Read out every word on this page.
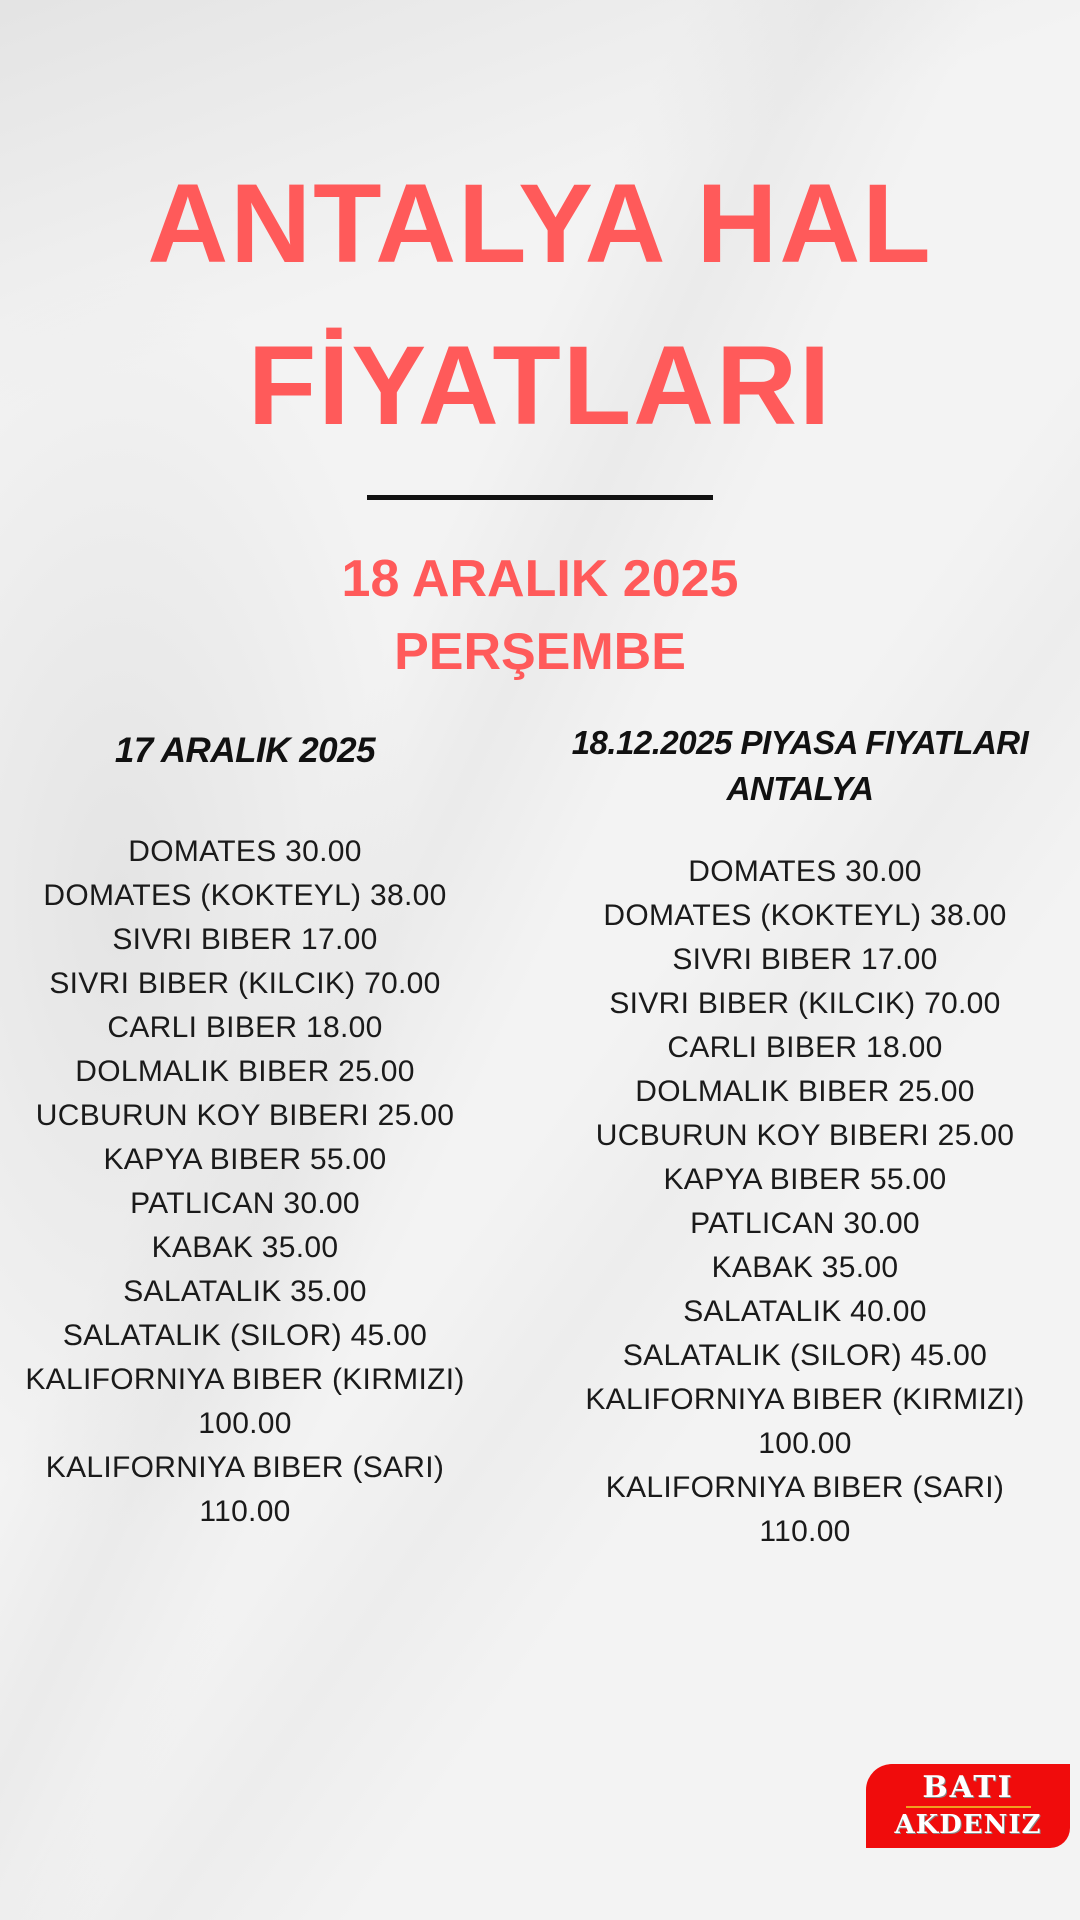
ANTALYA HAL
FİYATLARI
18 ARALIK 2025
PERŞEMBE
17 ARALIK 2025	18.12.2025 PIYASA FIYATLARI
ANTALYA
DOMATES 30.00
DOMATES (KOKTEYL) 38.00
SIVRI BIBER 17.00
SIVRI BIBER (KILCIK) 70.00
CARLI BIBER 18.00
DOLMALIK BIBER 25.00
UCBURUN KOY BIBERI 25.00
KAPYA BIBER 55.00
PATLICAN 30.00
KABAK 35.00
SALATALIK 35.00
SALATALIK (SILOR) 45.00
KALIFORNIYA BIBER (KIRMIZI)
100.00
KALIFORNIYA BIBER (SARI)
110.00
DOMATES 30.00
DOMATES (KOKTEYL) 38.00
SIVRI BIBER 17.00
SIVRI BIBER (KILCIK) 70.00
CARLI BIBER 18.00
DOLMALIK BIBER 25.00
UCBURUN KOY BIBERI 25.00
KAPYA BIBER 55.00
PATLICAN 30.00
KABAK 35.00
SALATALIK 40.00
SALATALIK (SILOR) 45.00
KALIFORNIYA BIBER (KIRMIZI)
100.00
KALIFORNIYA BIBER (SARI)
110.00
BATI
AKDENIZ
